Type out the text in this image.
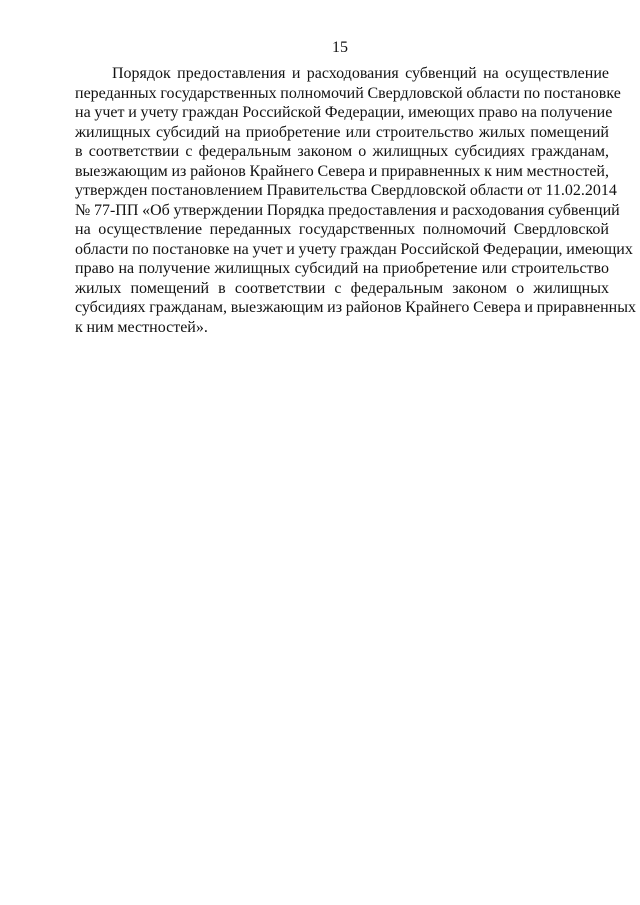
15
Порядок предоставления и расходования субвенций на осуществление
переданных государственных полномочий Свердловской области по постановке
на учет и учету граждан Российской Федерации, имеющих право на получение
жилищных субсидий на приобретение или строительство жилых помещений
в соответствии с федеральным законом о жилищных субсидиях гражданам,
выезжающим из районов Крайнего Севера и приравненных к ним местностей,
утвержден постановлением Правительства Свердловской области от 11.02.2014
№ 77-ПП «Об утверждении Порядка предоставления и расходования субвенций
на осуществление переданных государственных полномочий Свердловской
области по постановке на учет и учету граждан Российской Федерации, имеющих
право на получение жилищных субсидий на приобретение или строительство
жилых помещений в соответствии с федеральным законом о жилищных
субсидиях гражданам, выезжающим из районов Крайнего Севера и приравненных
к ним местностей».
